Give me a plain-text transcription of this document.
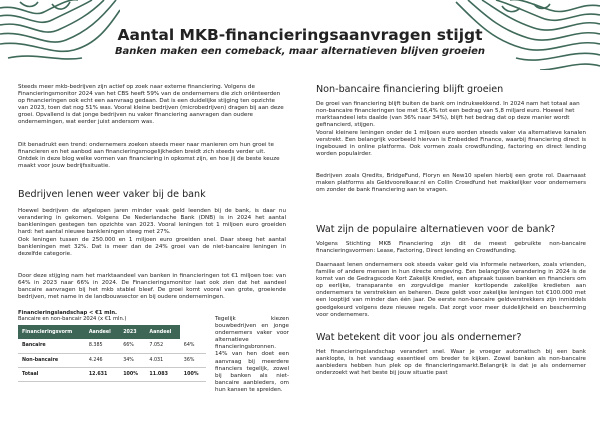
Aantal MKB-financieringsaanvragen stijgt
Banken maken een comeback, maar alternatieven blijven groeien
Steeds meer mkb-bedrijven zijn actief op zoek naar externe financiering. Volgens de Financieringsmonitor 2024 van het CBS heeft 59% van de ondernemers die zich oriënteerden op financieringen ook echt een aanvraag gedaan. Dat is een duidelijke stijging ten opzichte van 2023, toen dat nog 51% was. Vooral kleine bedrijven (microbedrijven) dragen bij aan deze groei. Opvallend is dat jonge bedrijven nu vaker financiering aanvragen dan oudere ondernemingen, wat eerder juist andersom was.
Dit benadrukt een trend: ondernemers zoeken steeds meer naar manieren om hun groei te financieren en het aanbod aan financieringsmogelijkheden breidt zich steeds verder uit. Ontdek in deze blog welke vormen van financiering in opkomst zijn, en hoe jij de beste keuze maakt voor jouw bedrijfssituatie.
Bedrijven lenen weer vaker bij de bank
Hoewel bedrijven de afgelopen jaren minder vaak geld leenden bij de bank, is daar nu verandering in gekomen. Volgens De Nederlandsche Bank (DNB) is in 2024 het aantal bankleningen gestegen ten opzichte van 2023. Vooral leningen tot 1 miljoen euro groeiden hard: het aantal nieuwe bankleningen steeg met 27%.
Ook leningen tussen de 250.000 en 1 miljoen euro groeiden snel. Daar steeg het aantal bankleningen met 32%. Dat is meer dan de 24% groei van de niet-bancaire leningen in dezelfde categorie.
Door deze stijging nam het marktaandeel van banken in financieringen tot €1 miljoen toe: van 64% in 2023 naar 66% in 2024. De Financieringsmonitor laat ook zien dat het aandeel bancaire aanvragen bij het mkb stabiel bleef. De groei komt vooral van grote, groeiende bedrijven, met name in de landbouwsector en bij oudere ondernemingen.
Financieringslandschap < €1 mln.
Bancaire en non-bancair 2024 (x €1 mln.)
Financieringsvorm	Aandeel	2023	Aandeel	
Bancaire	8.385	66%	7.052	64%
Non-bancaire	4.246	34%	4.031	36%
Totaal	12.631	100%	11.083	100%
Tegelijk kiezen bouwbedrijven en jonge ondernemers vaker voor alternatieve financieringsbronnen. 14% van hen doet een aanvraag bij meerdere financiers tegelijk, zowel bij banken als niet-bancaire aanbieders, om hun kansen te spreiden.
Non-bancaire financiering blijft groeien
De groei van financiering blijft buiten de bank om indrukwekkend. In 2024 nam het totaal aan non-bancaire financieringen toe met 16,4% tot een bedrag van 5,8 miljard euro. Hoewel het marktaandeel iets daalde (van 36% naar 34%), blijft het bedrag dat op deze manier wordt gefinancierd, stijgen.
Vooral kleinere leningen onder de 1 miljoen euro worden steeds vaker via alternatieve kanalen verstrekt. Een belangrijk voorbeeld hiervan is Embedded Finance, waarbij financiering direct is ingebouwd in online platforms. Ook vormen zoals crowdfunding, factoring en direct lending worden populairder.
Bedrijven zoals Qredits, BridgeFund, Floryn en New10 spelen hierbij een grote rol. Daarnaast maken platforms als Geldvoorelkaar.nl en Collin Crowdfund het makkelijker voor ondernemers om zonder de bank financiering aan te vragen.
Wat zijn de populaire alternatieven voor de bank?
Volgens Stichting MKB Financiering zijn dit de meest gebruikte non-bancaire financieringsvormen: Lease, Factoring, Direct lending en Crowdfunding.
Daarnaast lenen ondernemers ook steeds vaker geld via informele netwerken, zoals vrienden, familie of andere mensen in hun directe omgeving. Een belangrijke verandering in 2024 is de komst van de Gedragscode Kort Zakelijk Krediet, een afspraak tussen banken en financiers om op eerlijke, transparante en zorgvuldige manier kortlopende zakelijke kredieten aan ondernemers te verstrekken en beheren. Deze geldt voor zakelijke leningen tot €100.000 met een looptijd van minder dan één jaar. De eerste non-bancaire geldverstrekkers zijn inmiddels goedgekeurd volgens deze nieuwe regels. Dat zorgt voor meer duidelijkheid en bescherming voor ondernemers.
Wat betekent dit voor jou als ondernemer?
Het financieringslandschap verandert snel. Waar je vroeger automatisch bij een bank aanklopte, is het vandaag essentieel om breder te kijken. Zowel banken als non-bancaire aanbieders hebben hun plek op de financieringsmarkt.Belangrijk is dat je als ondernemer onderzoekt wat het beste bij jouw situatie past
